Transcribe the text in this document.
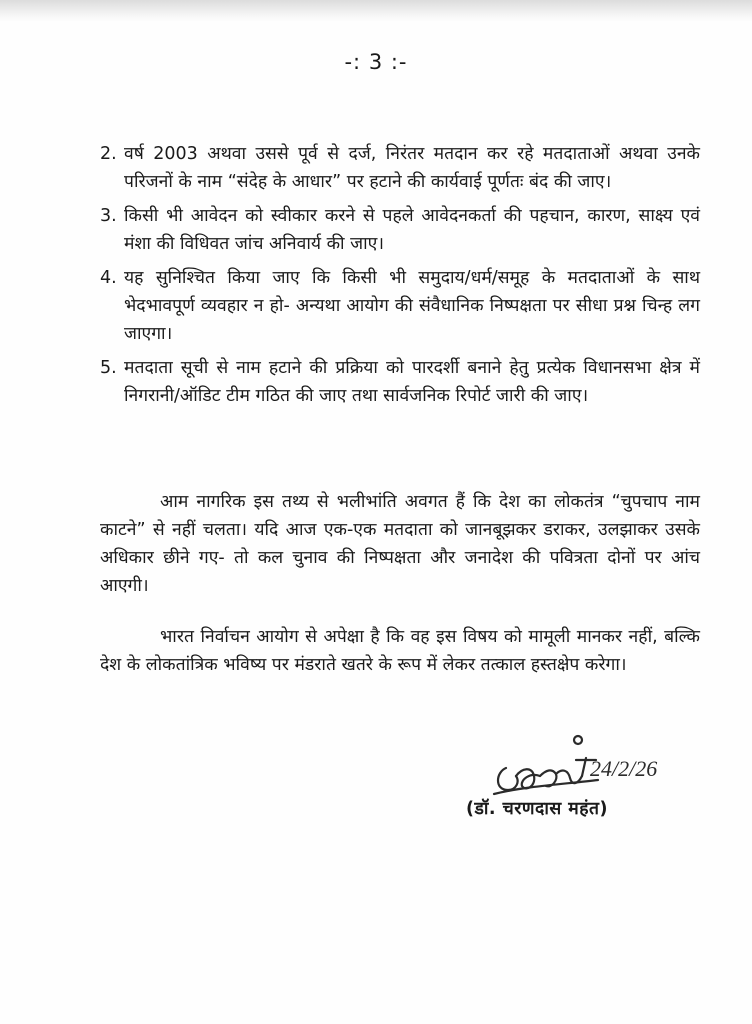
-: 3 :-
2. वर्ष 2003 अथवा उससे पूर्व से दर्ज, निरंतर मतदान कर रहे मतदाताओं अथवा उनके परिजनों के नाम “संदेह के आधार” पर हटाने की कार्यवाई पूर्णतः बंद की जाए।
3. किसी भी आवेदन को स्वीकार करने से पहले आवेदनकर्ता की पहचान, कारण, साक्ष्य एवं मंशा की विधिवत जांच अनिवार्य की जाए।
4. यह सुनिश्चित किया जाए कि किसी भी समुदाय/धर्म/समूह के मतदाताओं के साथ भेदभावपूर्ण व्यवहार न हो- अन्यथा आयोग की संवैधानिक निष्पक्षता पर सीधा प्रश्न चिन्ह लग जाएगा।
5. मतदाता सूची से नाम हटाने की प्रक्रिया को पारदर्शी बनाने हेतु प्रत्येक विधानसभा क्षेत्र में निगरानी/ऑडिट टीम गठित की जाए तथा सार्वजनिक रिपोर्ट जारी की जाए।

आम नागरिक इस तथ्य से भलीभांति अवगत हैं कि देश का लोकतंत्र “चुपचाप नाम काटने” से नहीं चलता। यदि आज एक-एक मतदाता को जानबूझकर डराकर, उलझाकर उसके अधिकार छीने गए- तो कल चुनाव की निष्पक्षता और जनादेश की पवित्रता दोनों पर आंच आएगी।

भारत निर्वाचन आयोग से अपेक्षा है कि वह इस विषय को मामूली मानकर नहीं, बल्कि देश के लोकतांत्रिक भविष्य पर मंडराते खतरे के रूप में लेकर तत्काल हस्तक्षेप करेगा।

24/2/26
(डॉ. चरणदास महंत)
